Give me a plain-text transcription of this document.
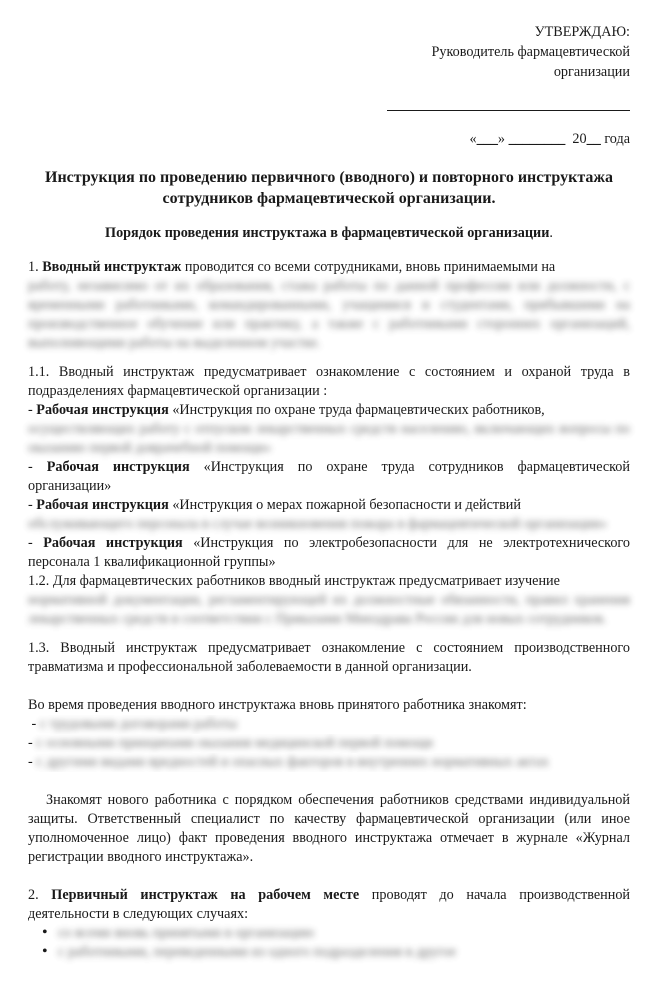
УТВЕРЖДАЮ:
Руководитель фармацевтической
организации
«___» ________ 20__ года
Инструкция по проведению первичного (вводного) и повторного инструктажа сотрудников фармацевтической организации.
Порядок проведения инструктажа в фармацевтической организации.

1. Вводный инструктаж проводится со всеми сотрудниками, вновь принимаемыми на
работу, независимо от их образования, стажа работы по данной профессии или должности, с временными работниками, командированными, учащимися и студентами, прибывшими на производственное обучение или практику, а также с работниками сторонних организаций, выполняющими работы на выделенном участке.

1.1. Вводный инструктаж предусматривает ознакомление с состоянием и охраной труда в подразделениях фармацевтической организации :

- Рабочая инструкция «Инструкция по охране труда фармацевтических работников,
осуществляющих работу с отпуском лекарственных средств населению, включающих вопросы по оказанию первой доврачебной помощи»

- Рабочая инструкция «Инструкция по охране труда сотрудников фармацевтической организации»

- Рабочая инструкция «Инструкция о мерах пожарной безопасности и действий
обслуживающего персонала в случае возникновения пожара в фармацевтической организации»

- Рабочая инструкция «Инструкция по электробезопасности для не электротехнического персонала 1 квалификационной группы»

1.2. Для фармацевтических работников вводный инструктаж предусматривает изучение
нормативной документации, регламентирующей их должностные обязанности, правил хранения лекарственных средств в соответствии с Приказами Минздрава России для новых сотрудников.

1.3. Вводный инструктаж предусматривает ознакомление с состоянием производственного травматизма и профессиональной заболеваемости в данной организации.

Во время проведения вводного инструктажа вновь принятого работника знакомят:

- с трудовыми договорами работы
- с основными принципами оказания медицинской первой помощи
- с другими видами вредностей и опасных факторов в внутренних нормативных актах

Знакомят нового работника с порядком обеспечения работников средствами индивидуальной защиты. Ответственный специалист по качеству фармацевтической организации (или иное уполномоченное лицо) факт проведения вводного инструктажа отмечает в журнале «Журнал регистрации вводного инструктажа».

2. Первичный инструктаж на рабочем месте проводят до начала производственной деятельности в следующих случаях:

• со всеми вновь принятыми в организацию
• с работниками, переведенными из одного подразделения в другое
